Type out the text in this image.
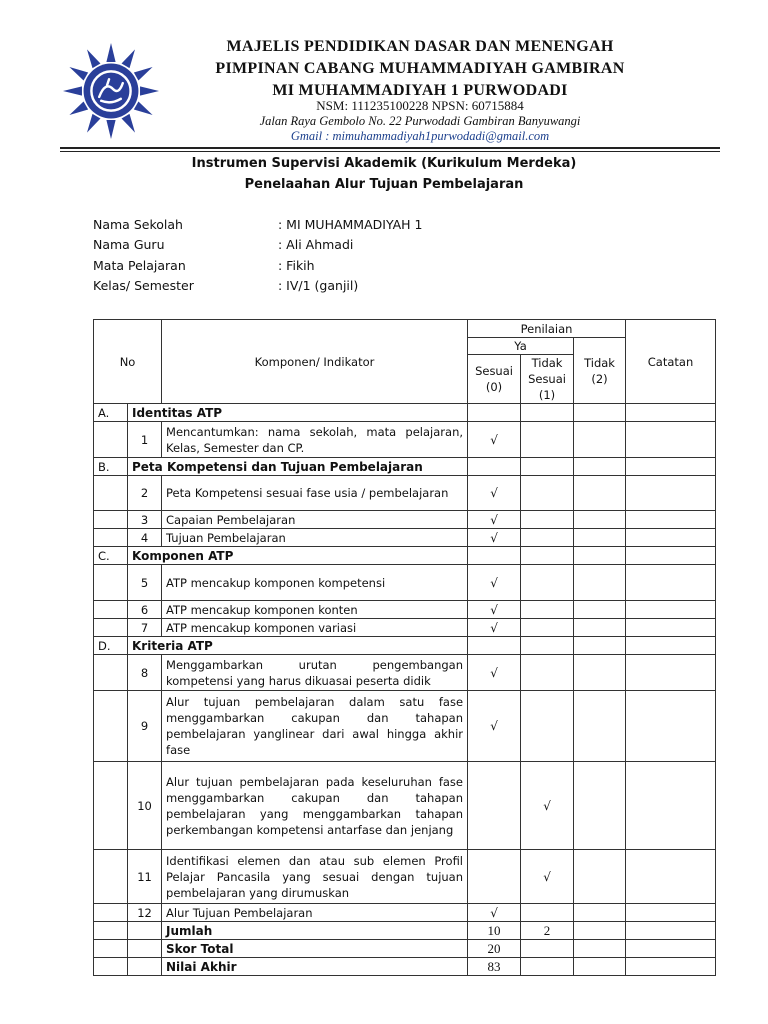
MAJELIS PENDIDIKAN DASAR DAN MENENGAH
PIMPINAN CABANG MUHAMMADIYAH GAMBIRAN
MI MUHAMMADIYAH 1 PURWODADI
NSM: 111235100228 NPSN: 60715884
Jalan Raya Gembolo No. 22 Purwodadi Gambiran Banyuwangi
Gmail : mimuhammadiyah1purwodadi@gmail.com
Instrumen Supervisi Akademik (Kurikulum Merdeka)
Penelaahan Alur Tujuan Pembelajaran
Nama Sekolah	: MI MUHAMMADIYAH 1
Nama Guru	: Ali Ahmadi
Mata Pelajaran	: Fikih
Kelas/ Semester	: IV/1 (ganjil)
No		Komponen/ Indikator	Penilaian			Catatan
			Ya		Tidak (2)	
			Sesuai (0)	Tidak Sesuai (1)		
A.	Identitas ATP					
	1	Mencantumkan: nama sekolah, mata pelajaran, Kelas, Semester dan CP.	√			
B.	Peta Kompetensi dan Tujuan Pembelajaran					
	2	Peta Kompetensi sesuai fase usia / pembelajaran	√			
	3	Capaian Pembelajaran	√			
	4	Tujuan Pembelajaran	√			
C.	Komponen ATP					
	5	ATP mencakup komponen kompetensi	√			
	6	ATP mencakup komponen konten	√			
	7	ATP mencakup komponen variasi	√			
D.	Kriteria ATP					
	8	Menggambarkan urutan pengembangan kompetensi yang harus dikuasai peserta didik	√			
	9	Alur tujuan pembelajaran dalam satu fase menggambarkan cakupan dan tahapan pembelajaran yanglinear dari awal hingga akhir fase	√			
	10	Alur tujuan pembelajaran pada keseluruhan fase menggambarkan cakupan dan tahapan pembelajaran yang menggambarkan tahapan perkembangan kompetensi antarfase dan jenjang		√		
	11	Identifikasi elemen dan atau sub elemen Profil Pelajar Pancasila yang sesuai dengan tujuan pembelajaran yang dirumuskan		√		
	12	Alur Tujuan Pembelajaran	√			
		Jumlah	10	2		
		Skor Total	20			
		Nilai Akhir	83			
